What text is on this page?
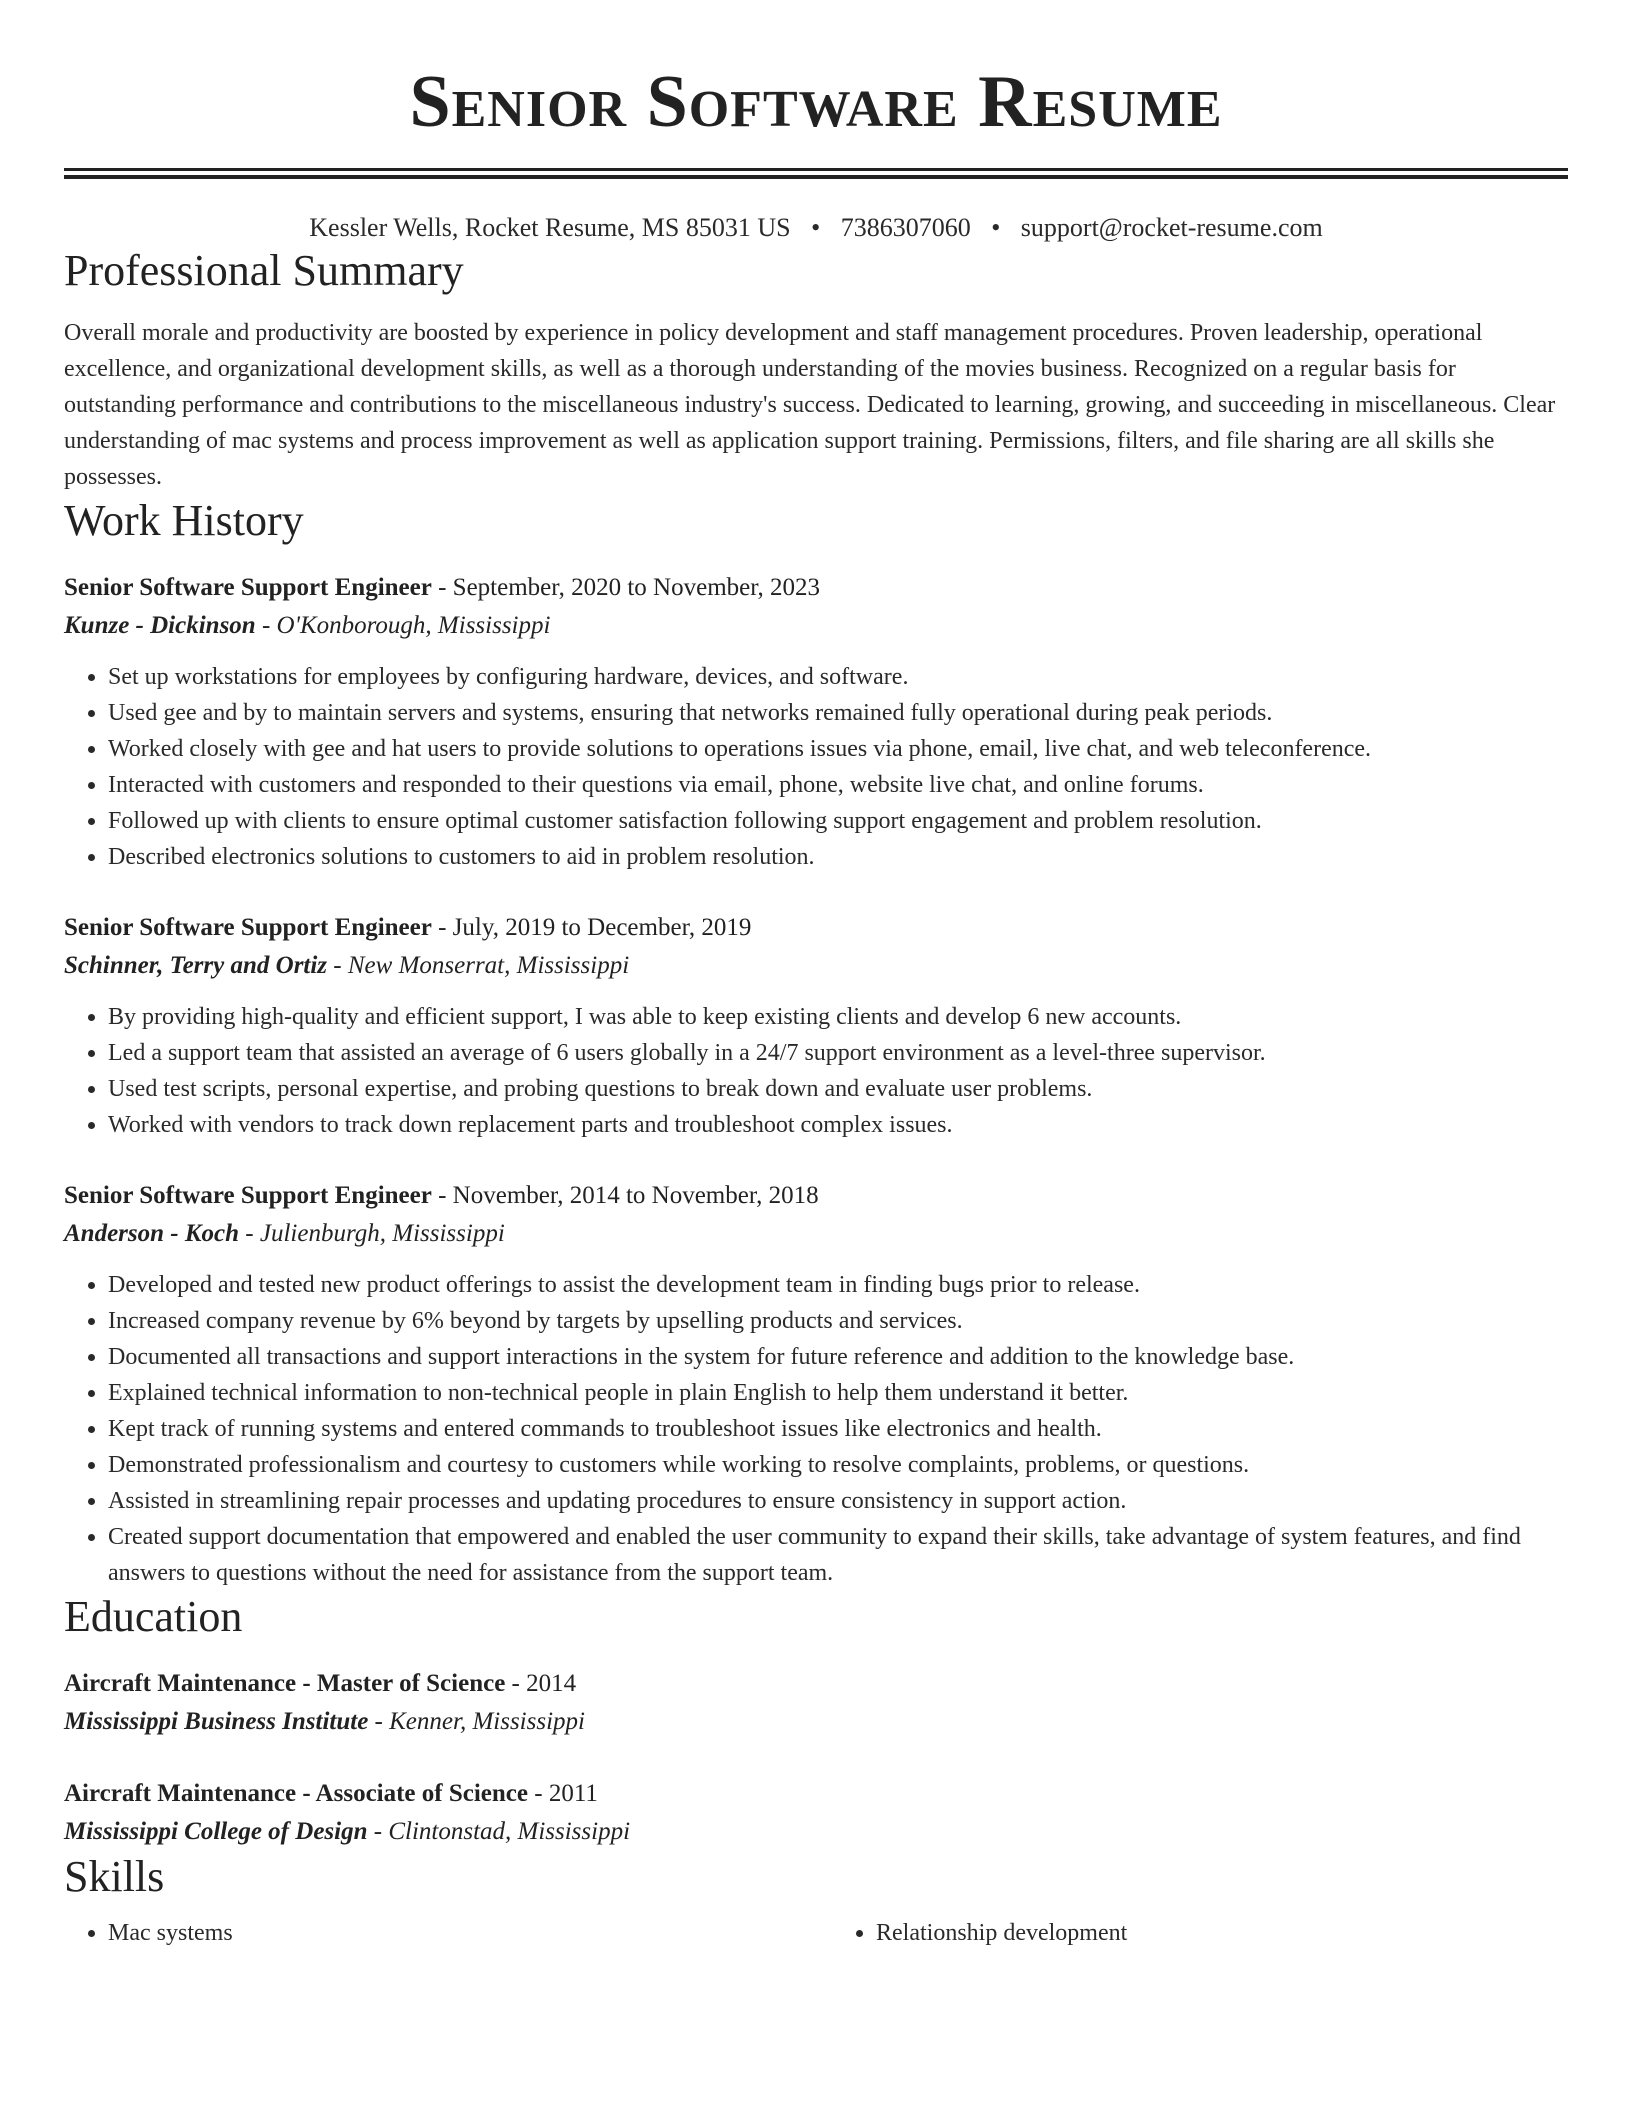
Senior Software Resume
Kessler Wells, Rocket Resume, MS 85031 US • 7386307060 • support@rocket-resume.com
Professional Summary

Overall morale and productivity are boosted by experience in policy development and staff management procedures. Proven leadership, operational excellence, and organizational development skills, as well as a thorough understanding of the movies business. Recognized on a regular basis for outstanding performance and contributions to the miscellaneous industry's success. Dedicated to learning, growing, and succeeding in miscellaneous. Clear understanding of mac systems and process improvement as well as application support training. Permissions, filters, and file sharing are all skills she possesses.

Work History
Senior Software Support Engineer - September, 2020 to November, 2023
Kunze - Dickinson - O'Konborough, Mississippi
• Set up workstations for employees by configuring hardware, devices, and software.
• Used gee and by to maintain servers and systems, ensuring that networks remained fully operational during peak periods.
• Worked closely with gee and hat users to provide solutions to operations issues via phone, email, live chat, and web teleconference.
• Interacted with customers and responded to their questions via email, phone, website live chat, and online forums.
• Followed up with clients to ensure optimal customer satisfaction following support engagement and problem resolution.
• Described electronics solutions to customers to aid in problem resolution.
Senior Software Support Engineer - July, 2019 to December, 2019
Schinner, Terry and Ortiz - New Monserrat, Mississippi
• By providing high-quality and efficient support, I was able to keep existing clients and develop 6 new accounts.
• Led a support team that assisted an average of 6 users globally in a 24/7 support environment as a level-three supervisor.
• Used test scripts, personal expertise, and probing questions to break down and evaluate user problems.
• Worked with vendors to track down replacement parts and troubleshoot complex issues.
Senior Software Support Engineer - November, 2014 to November, 2018
Anderson - Koch - Julienburgh, Mississippi
• Developed and tested new product offerings to assist the development team in finding bugs prior to release.
• Increased company revenue by 6% beyond by targets by upselling products and services.
• Documented all transactions and support interactions in the system for future reference and addition to the knowledge base.
• Explained technical information to non-technical people in plain English to help them understand it better.
• Kept track of running systems and entered commands to troubleshoot issues like electronics and health.
• Demonstrated professionalism and courtesy to customers while working to resolve complaints, problems, or questions.
• Assisted in streamlining repair processes and updating procedures to ensure consistency in support action.
• Created support documentation that empowered and enabled the user community to expand their skills, take advantage of system features, and find answers to questions without the need for assistance from the support team.
Education
Aircraft Maintenance - Master of Science - 2014
Mississippi Business Institute - Kenner, Mississippi
Aircraft Maintenance - Associate of Science - 2011
Mississippi College of Design - Clintonstad, Mississippi
Skills
• Mac systems
•	Relationship development
